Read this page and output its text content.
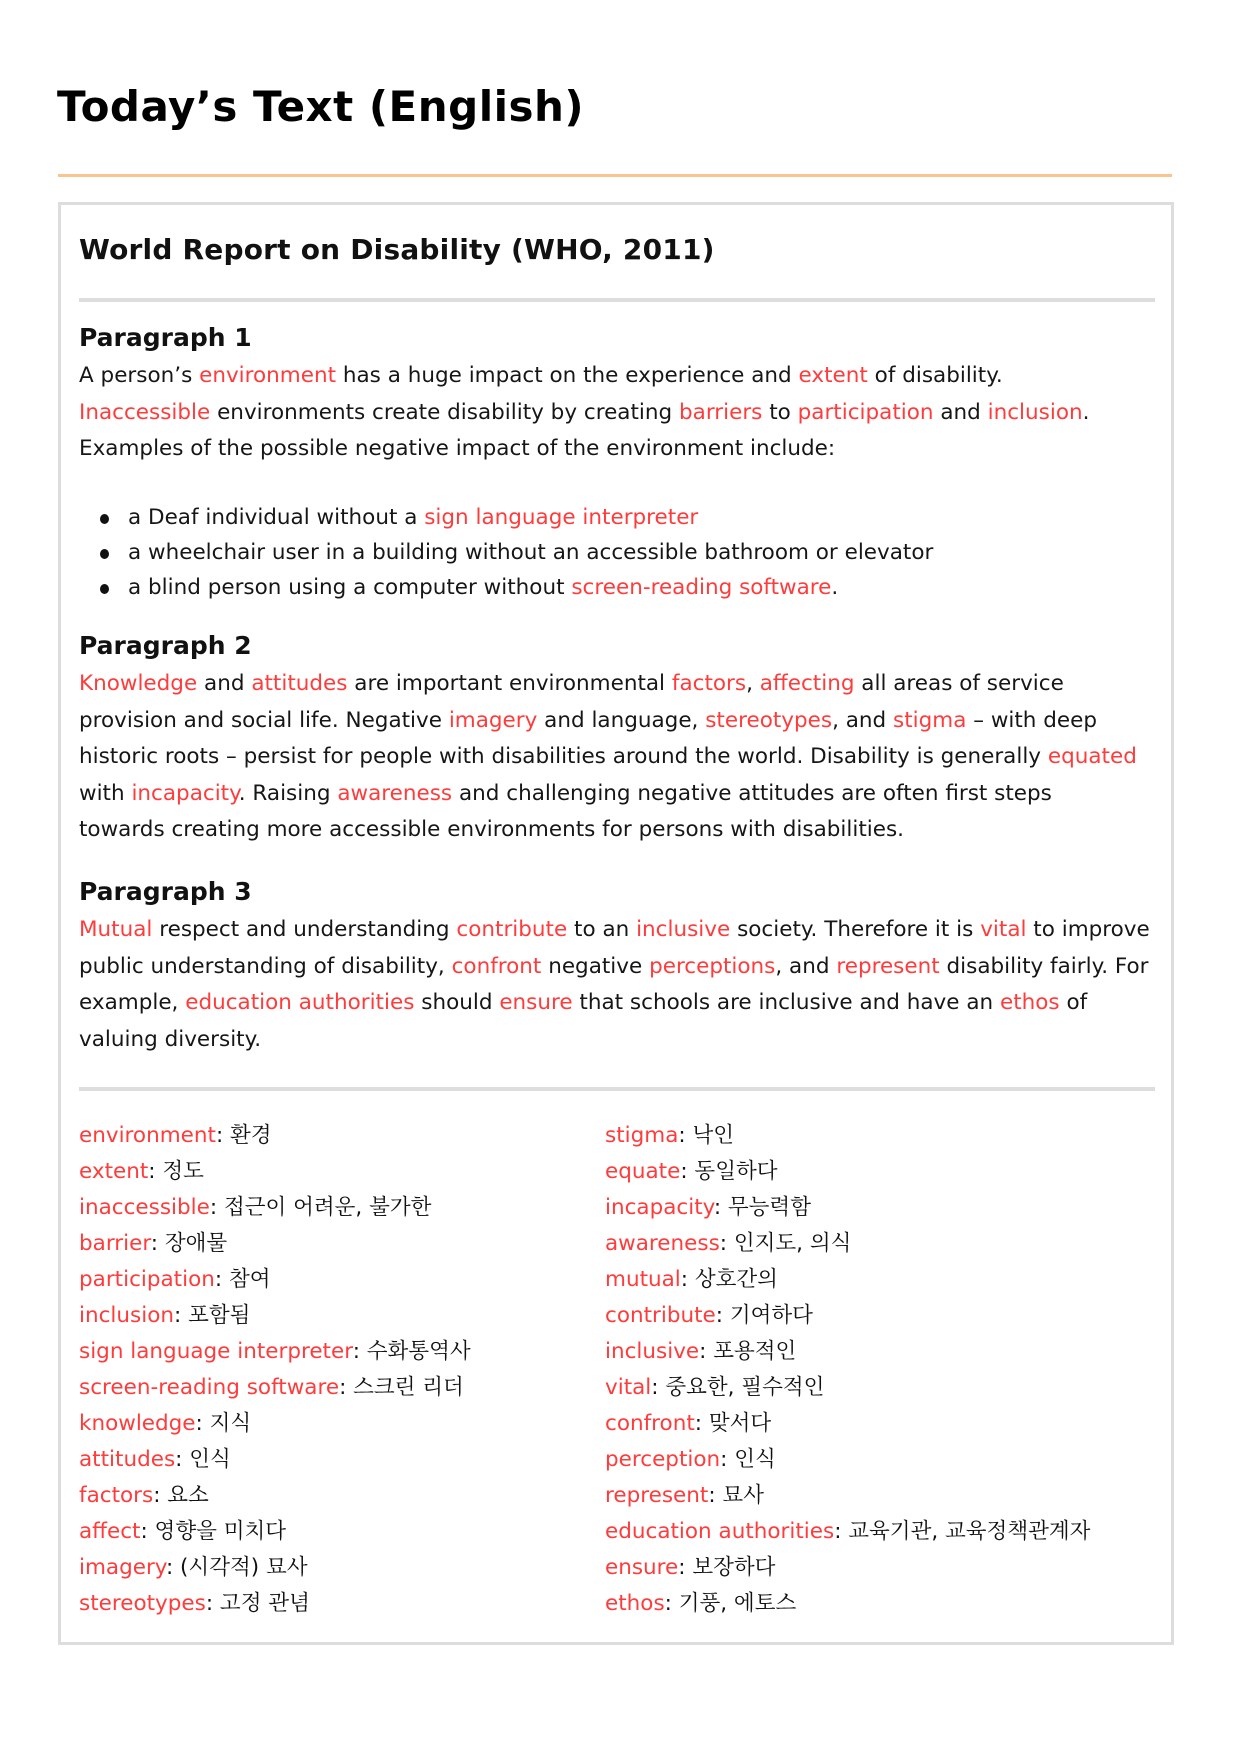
Today’s Text (English)
World Report on Disability (WHO, 2011)
Paragraph 1

A person’s environment has a huge impact on the experience and extent of disability.
Inaccessible environments create disability by creating barriers to participation and inclusion.
Examples of the possible negative impact of the environment include:

a Deaf individual without a sign language interpreter
a wheelchair user in a building without an accessible bathroom or elevator
a blind person using a computer without screen-reading software.
Paragraph 2

Knowledge and attitudes are important environmental factors, affecting all areas of service provision and social life. Negative imagery and language, stereotypes, and stigma – with deep historic roots – persist for people with disabilities around the world. Disability is generally equated with incapacity. Raising awareness and challenging negative attitudes are often first steps towards creating more accessible environments for persons with disabilities.

Paragraph 3

Mutual respect and understanding contribute to an inclusive society. Therefore it is vital to improve public understanding of disability, confront negative perceptions, and represent disability fairly. For example, education authorities should ensure that schools are inclusive and have an ethos of valuing diversity.

environment: 환경
extent: 정도
inaccessible: 접근이 어려운, 불가한
barrier: 장애물
participation: 참여
inclusion: 포함됨
sign language interpreter: 수화통역사
screen-reading software: 스크린 리더
knowledge: 지식
attitudes: 인식
factors: 요소
affect: 영향을 미치다
imagery: (시각적) 묘사
stereotypes: 고정 관념
stigma: 낙인
equate: 동일하다
incapacity: 무능력함
awareness: 인지도, 의식
mutual: 상호간의
contribute: 기여하다
inclusive: 포용적인
vital: 중요한, 필수적인
confront: 맞서다
perception: 인식
represent: 묘사
education authorities: 교육기관, 교육정책관계자
ensure: 보장하다
ethos: 기풍, 에토스
